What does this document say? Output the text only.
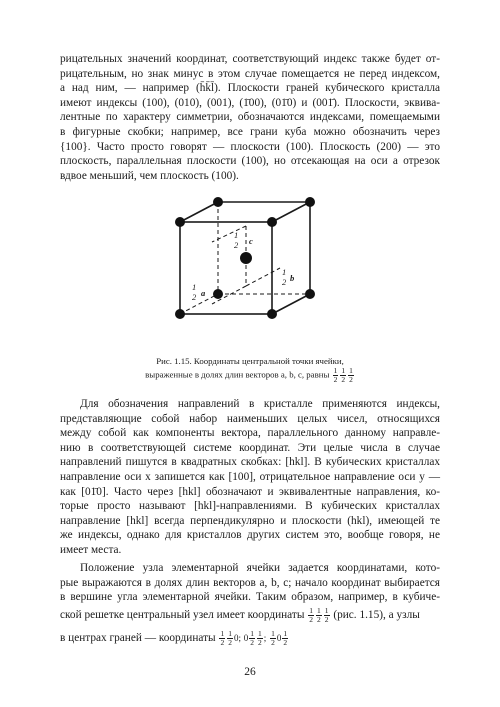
рицательных значений координат, соответствующий индекс также будет от-
рицательным, но знак минус в этом случае помещается не перед индексом,
а над ним, — например (h̄k̄l̄). Плоскости граней кубического кристалла
имеют индексы (100), (010), (001), (1̄00), (01̄0) и (001̄). Плоскости, эквива-
лентные по характеру симметрии, обозначаются индексами, помещаемыми
в фигурные скобки; например, все грани куба можно обозначить через
{100}. Часто просто говорят — плоскости (100). Плоскость (200) — это
плоскость, параллельная плоскости (100), но отсекающая на оси a отрезок
вдвое меньший, чем плоскость (100).
1
2 c
1
2 b
1
2 a
Рис. 1.15. Координаты центральной точки ячейки,
выраженные в долях длин векторов a, b, c, равны $\frac{1}{2} \frac{1}{2} \frac{1}{2}$
Для обозначения направлений в кристалле применяются индексы,
представляющие собой набор наименьших целых чисел, относящихся
между собой как компоненты вектора, параллельного данному направле-
нию в соответствующей системе координат. Эти целые числа в случае
направлений пишутся в квадратных скобках: [hkl]. В кубических кристаллах
направление оси x запишется как [100], отрицательное направление оси y —
как [01̄0]. Часто через [hkl] обозначают и эквивалентные направления, ко-
торые просто называют [hkl]-направлениями. В кубических кристаллах
направление [hkl] всегда перпендикулярно и плоскости (hkl), имеющей те
же индексы, однако для кристаллов других систем это, вообще говоря, не
имеет места.
Положение узла элементарной ячейки задается координатами, кото-
рые выражаются в долях длин векторов a, b, c; начало координат выбирается
в вершине угла элементарной ячейки. Таким образом, например, в кубиче-
ской решетке центральный узел имеет координаты
$\frac{1}{2} \frac{1}{2} \frac{1}{2}$
(рис. 1.15), а узлы
в центрах граней — координаты
$\frac{1}{2} \frac{1}{2} 0$;
$0 \frac{1}{2} \frac{1}{2}$ ;
$\frac{1}{2} 0 \frac{1}{2}$
26
